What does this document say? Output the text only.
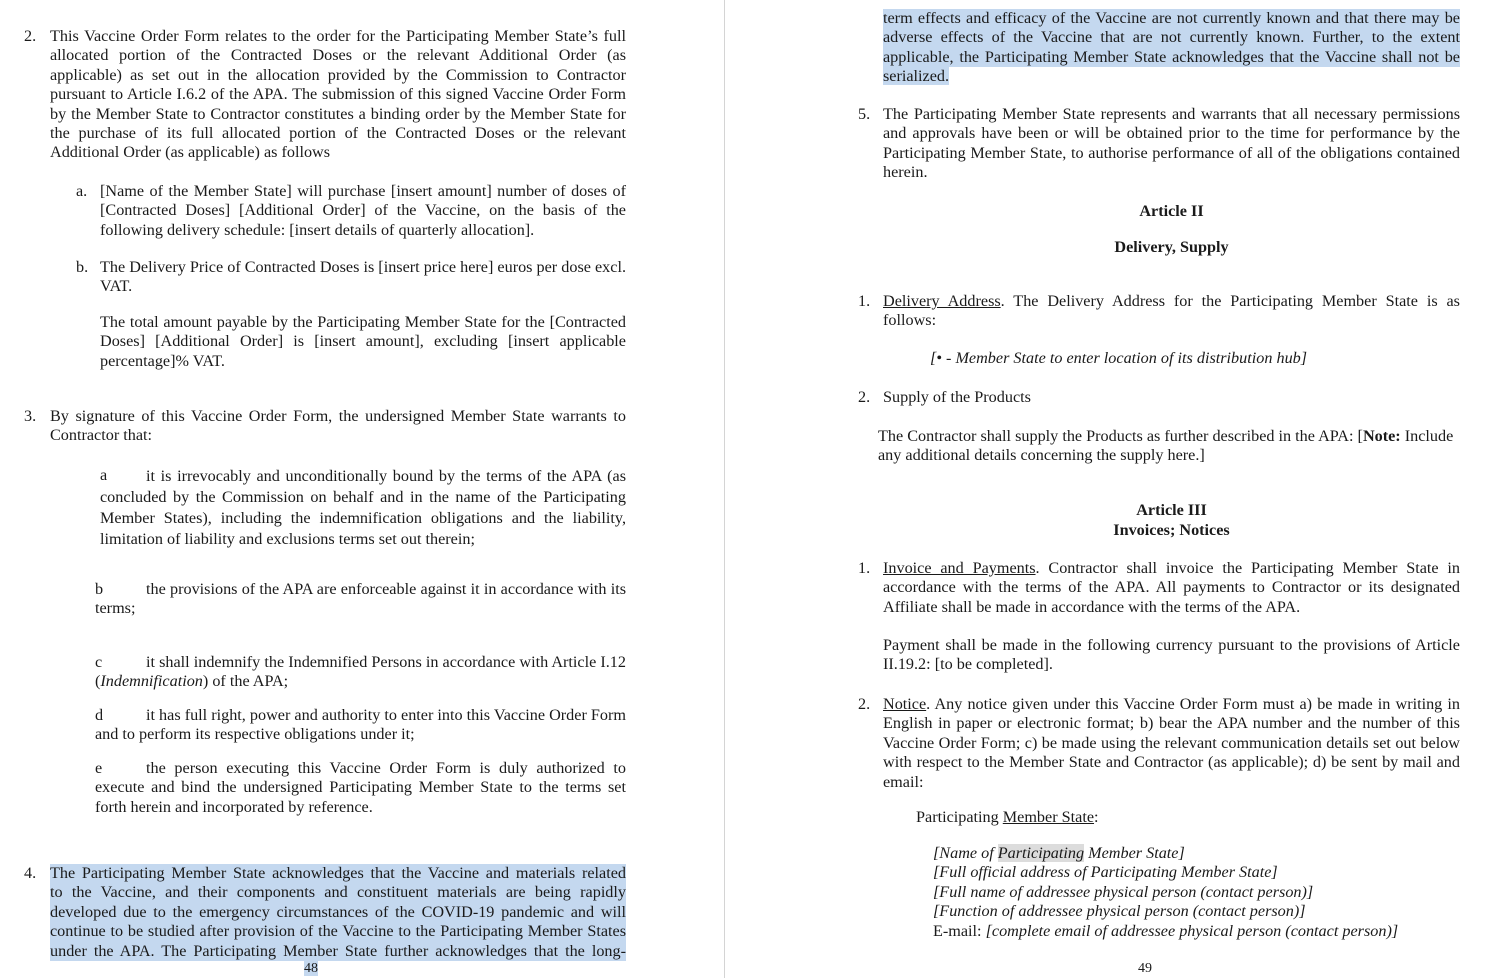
2. This Vaccine Order Form relates to the order for the Participating Member State’s full allocated portion of the Contracted Doses or the relevant Additional Order (as applicable) as set out in the allocation provided by the Commission to Contractor pursuant to Article I.6.2 of the APA. The submission of this signed Vaccine Order Form by the Member State to Contractor constitutes a binding order by the Member State for the purchase of its full allocated portion of the Contracted Doses or the relevant Additional Order (as applicable) as follows

a. [Name of the Member State] will purchase [insert amount] number of doses of [Contracted Doses] [Additional Order] of the Vaccine, on the basis of the following delivery schedule: [insert details of quarterly allocation].

b. The Delivery Price of Contracted Doses is [insert price here] euros per dose excl. VAT.

The total amount payable by the Participating Member State for the [Contracted Doses] [Additional Order] is [insert amount], excluding [insert applicable percentage]% VAT.

3. By signature of this Vaccine Order Form, the undersigned Member State warrants to Contractor that:

a	it is irrevocably and unconditionally bound by the terms of the APA (as concluded by the Commission on behalf and in the name of the Participating Member States), including the indemnification obligations and the liability, limitation of liability and exclusions terms set out therein;

b	the provisions of the APA are enforceable against it in accordance with its terms;

c	it shall indemnify the Indemnified Persons in accordance with Article I.12 (Indemnification) of the APA;

d	it has full right, power and authority to enter into this Vaccine Order Form and to perform its respective obligations under it;

e	the person executing this Vaccine Order Form is duly authorized to execute and bind the undersigned Participating Member State to the terms set forth herein and incorporated by reference.

4. The Participating Member State acknowledges that the Vaccine and materials related
to the Vaccine, and their components and constituent materials are being rapidly
developed due to the emergency circumstances of the COVID-19 pandemic and will
continue to be studied after provision of the Vaccine to the Participating Member States
under the APA. The Participating Member State further acknowledges that the long-
48
term effects and efficacy of the Vaccine are not currently known and that there may be
adverse effects of the Vaccine that are not currently known. Further, to the extent
applicable, the Participating Member State acknowledges that the Vaccine shall not be
serialized.
5. The Participating Member State represents and warrants that all necessary permissions and approvals have been or will be obtained prior to the time for performance by the Participating Member State, to authorise performance of all of the obligations contained herein.

Article II

Delivery, Supply

1. Delivery Address. The Delivery Address for the Participating Member State is as follows:

[• - Member State to enter location of its distribution hub]

2. Supply of the Products

The Contractor shall supply the Products as further described in the APA: [Note: Include any additional details concerning the supply here.]

Article III

Invoices; Notices

1. Invoice and Payments. Contractor shall invoice the Participating Member State in accordance with the terms of the APA. All payments to Contractor or its designated Affiliate shall be made in accordance with the terms of the APA.

Payment shall be made in the following currency pursuant to the provisions of Article II.19.2: [to be completed].

2. Notice. Any notice given under this Vaccine Order Form must a) be made in writing in English in paper or electronic format; b) bear the APA number and the number of this Vaccine Order Form; c) be made using the relevant communication details set out below with respect to the Member State and Contractor (as applicable); d) be sent by mail and email:

Participating Member State:

[Name of Participating Member State]
[Full official address of Participating Member State]
[Full name of addressee physical person (contact person)]
[Function of addressee physical person (contact person)]
E-mail: [complete email of addressee physical person (contact person)]
49
